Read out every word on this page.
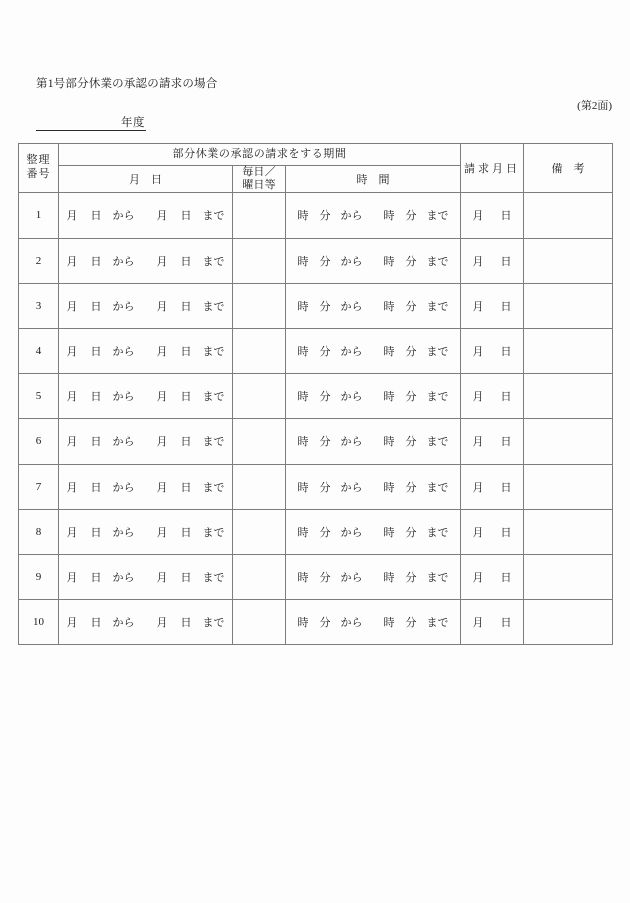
第1号部分休業の承認の請求の場合
(第2面)
年度
整理
番号	部分休業の承認の請求をする期間			請求月日	備　考
	月　日	毎日／
曜日等	時　間		
1	月 日 から 月 日 まで		時 分 から 時 分 まで	月 日

2	月 日 から 月 日 まで		時 分 から 時 分 まで	月 日

3	月 日 から 月 日 まで		時 分 から 時 分 まで	月 日

4	月 日 から 月 日 まで		時 分 から 時 分 まで	月 日

5	月 日 から 月 日 まで		時 分 から 時 分 まで	月 日

6	月 日 から 月 日 まで		時 分 から 時 分 まで	月 日

7	月 日 から 月 日 まで		時 分 から 時 分 まで	月 日

8	月 日 から 月 日 まで		時 分 から 時 分 まで	月 日

9	月 日 から 月 日 まで		時 分 から 時 分 まで	月 日

10	月 日 から 月 日 まで		時 分 から 時 分 まで	月 日
